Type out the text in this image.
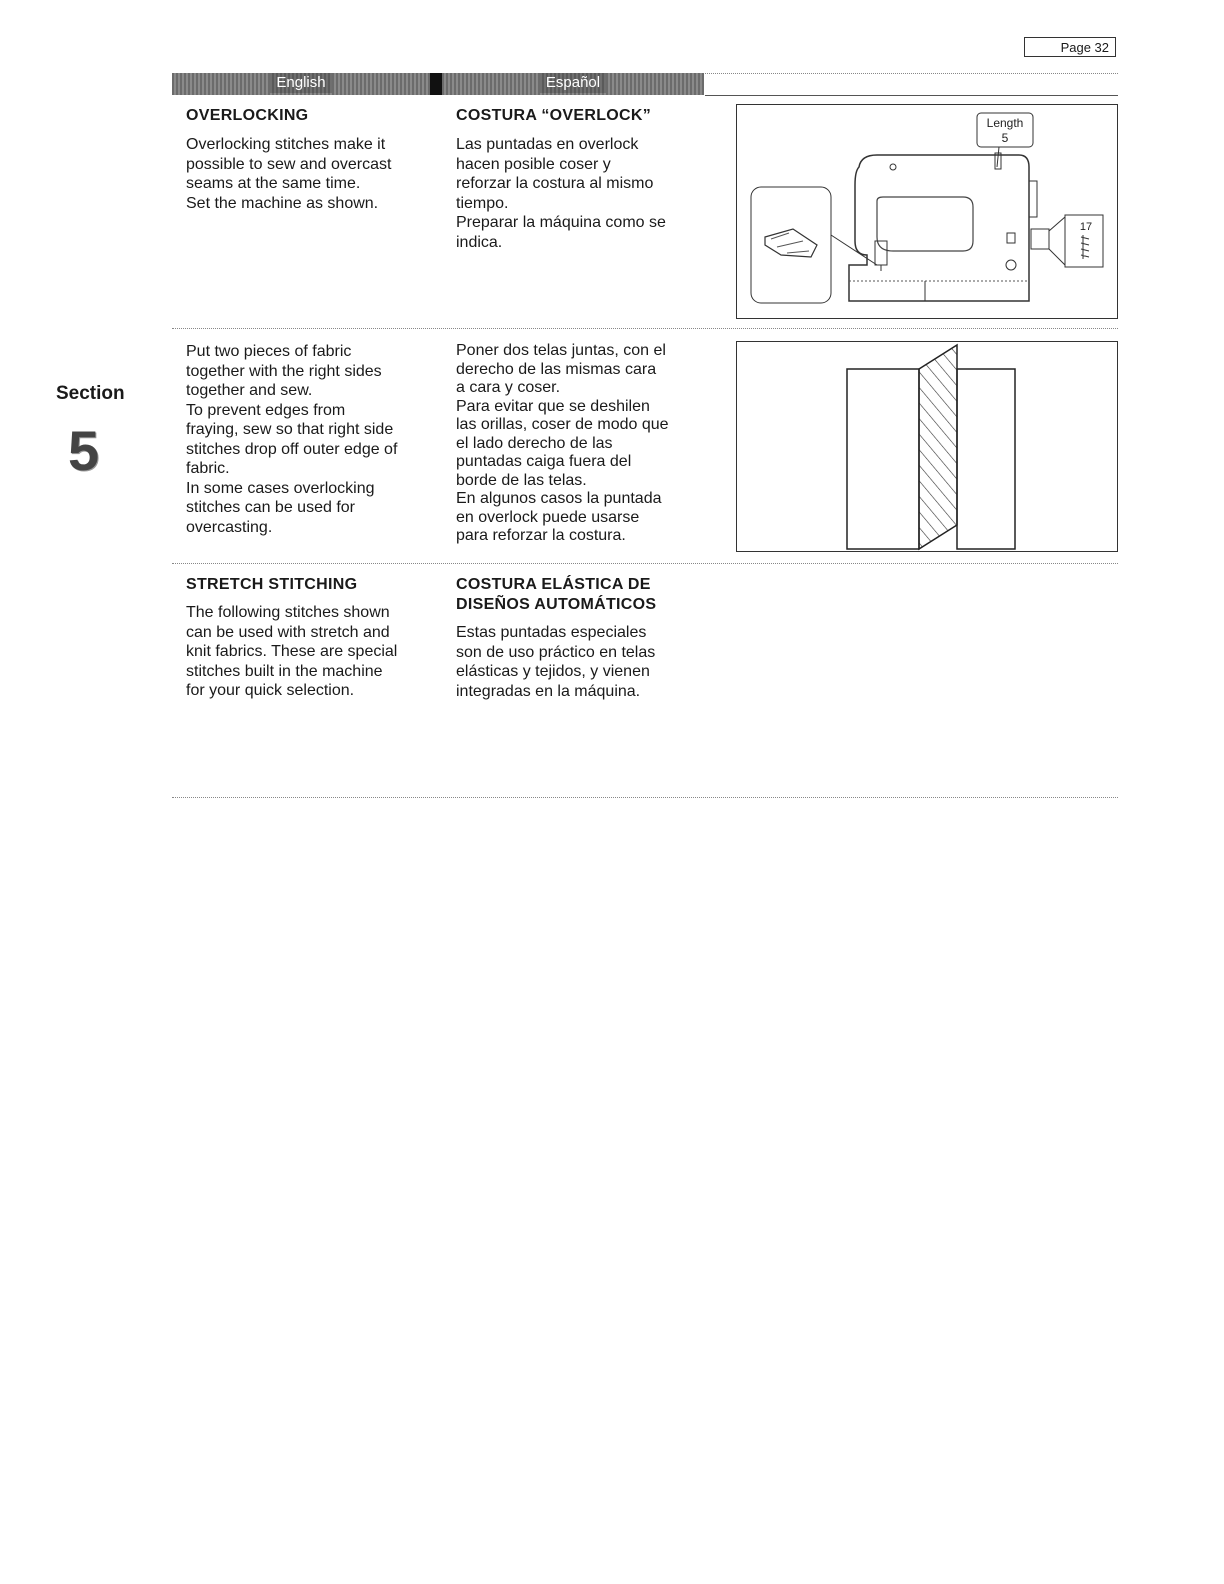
Page 32
English	Español
Section
5
OVERLOCKING

Overlocking stitches make it

possible to sew and overcast

seams at the same time.

Set the machine as shown.

COSTURA “OVERLOCK”

Las puntadas en overlock

hacen posible coser y

reforzar la costura al mismo

tiempo.

Preparar la máquina como se

indica.

Length
5
17

Put two pieces of fabric

together with the right sides

together and sew.

To prevent edges from

fraying, sew so that right side

stitches drop off outer edge of

fabric.

In some cases overlocking

stitches can be used for

overcasting.

Poner dos telas juntas, con el

derecho de las mismas cara

a cara y coser.

Para evitar que se deshilen

las orillas, coser de modo que

el lado derecho de las

puntadas caiga fuera del

borde de las telas.

En algunos casos la puntada

en overlock puede usarse

para reforzar la costura.

STRETCH STITCHING

The following stitches shown

can be used with stretch and

knit fabrics. These are special

stitches built in the machine

for your quick selection.

COSTURA ELÁSTICA DE
DISEÑOS AUTOMÁTICOS

Estas puntadas especiales

son de uso práctico en telas

elásticas y tejidos, y vienen

integradas en la máquina.
